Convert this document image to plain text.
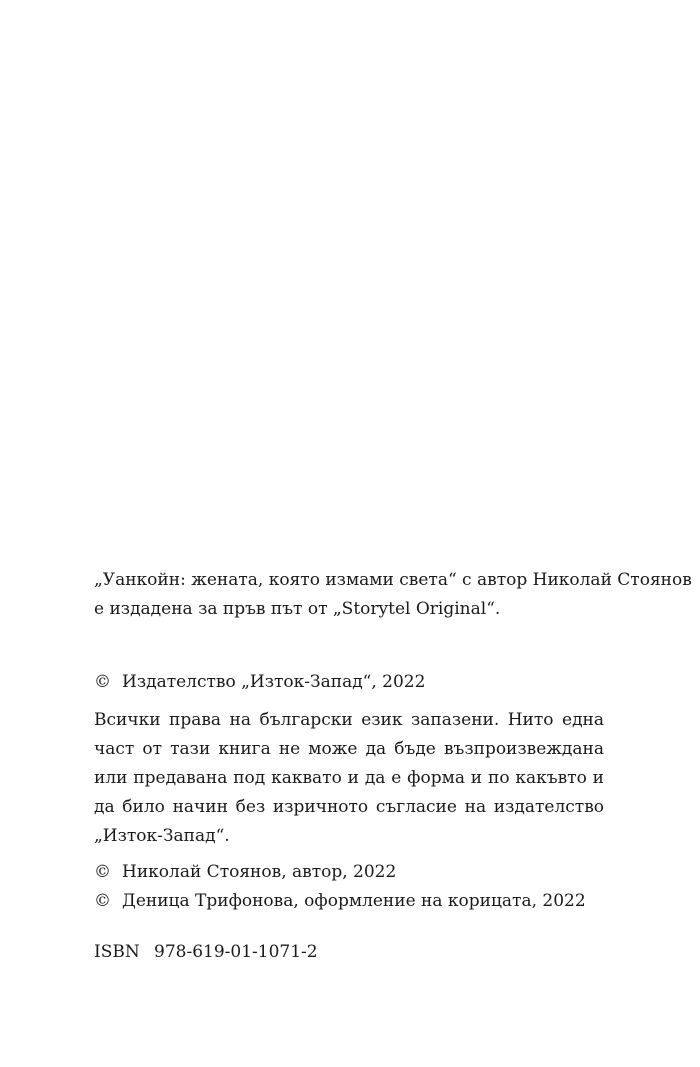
„Уанкойн: жената, която измами света“ с автор Николай Стоянов
е издадена за пръв път от „Storytel Original“.
© Издателство „Изток-Запад“, 2022
Всички права на български език запазени. Нито една част от тази книга не може да бъде възпроизвеждана или предавана под каквато и да е форма и по какъвто и да било начин без изричното съгласие на издателство „Изток-Запад“.
© Николай Стоянов, автор, 2022
© Деница Трифонова, оформление на корицата, 2022
ISBN 978-619-01-1071-2
